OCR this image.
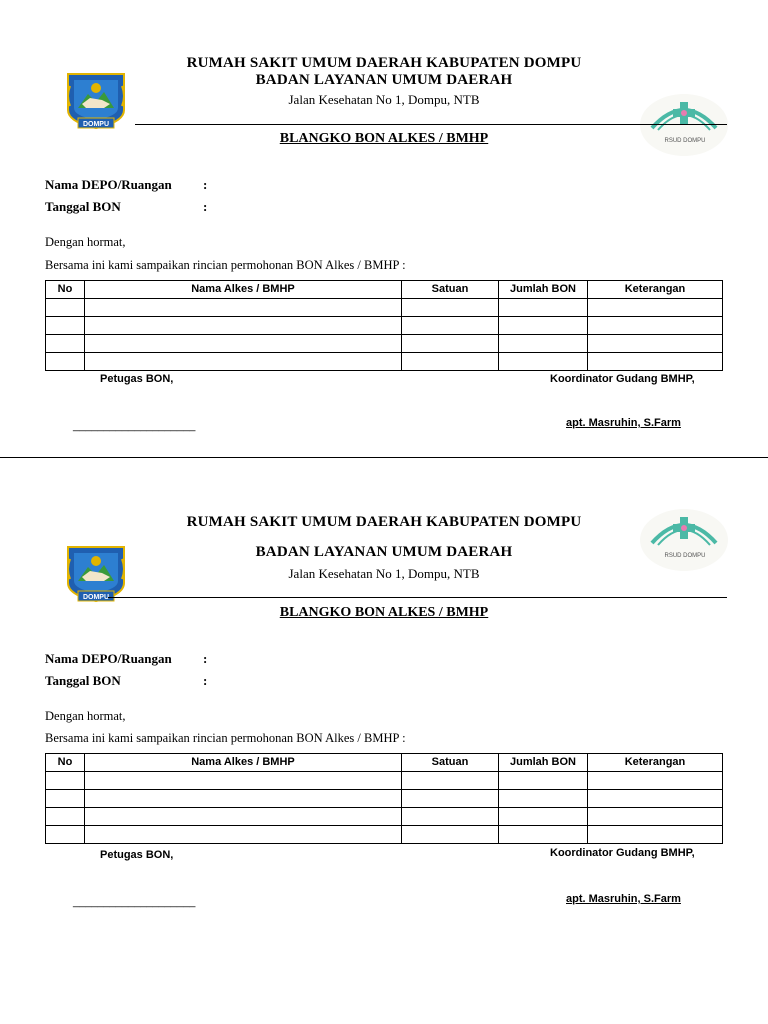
DOMPU
RSUD DOMPU
RUMAH SAKIT UMUM DAERAH KABUPATEN DOMPU
BADAN LAYANAN UMUM DAERAH
Jalan Kesehatan No 1, Dompu, NTB
BLANGKO BON ALKES / BMHP
Nama DEPO/Ruangan :
Tanggal BON	:
Dengan hormat,
Bersama ini kami sampaikan rincian permohonan BON Alkes / BMHP :
No	Nama Alkes / BMHP	Satuan	Jumlah BON	Keterangan

Petugas BON,	Koordinator Gudang BMHP,
____________________	apt. Masruhin, S.Farm
DOMPU
RSUD DOMPU
RUMAH SAKIT UMUM DAERAH KABUPATEN DOMPU
BADAN LAYANAN UMUM DAERAH
Jalan Kesehatan No 1, Dompu, NTB
BLANGKO BON ALKES / BMHP
Nama DEPO/Ruangan :
Tanggal BON	:
Dengan hormat,
Bersama ini kami sampaikan rincian permohonan BON Alkes / BMHP :
No	Nama Alkes / BMHP	Satuan	Jumlah BON	Keterangan

Petugas BON,	Koordinator Gudang BMHP,
____________________	apt. Masruhin, S.Farm
